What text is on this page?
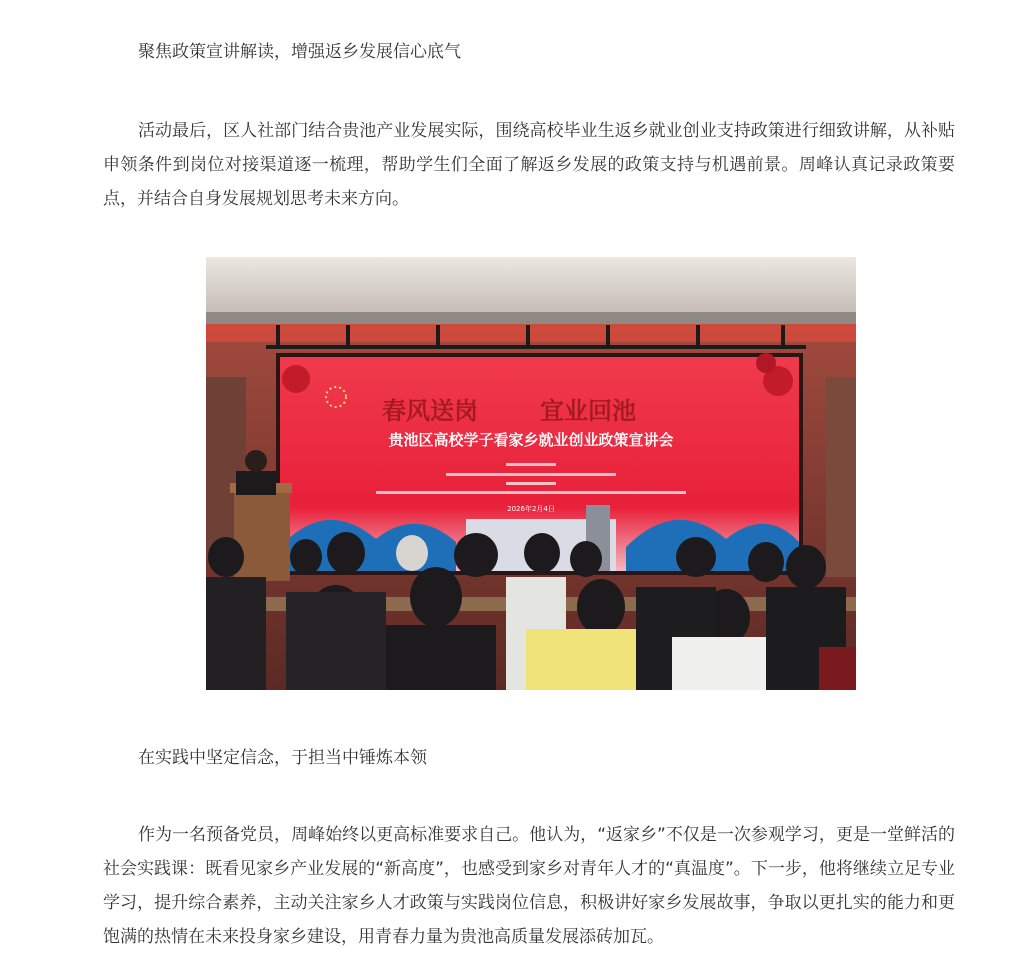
聚焦政策宣讲解读，增强返乡发展信心底气

活动最后，区人社部门结合贵池产业发展实际，围绕高校毕业生返乡就业创业支持政策进行细致讲解，从补贴申领条件到岗位对接渠道逐一梳理，帮助学生们全面了解返乡发展的政策支持与机遇前景。周峰认真记录政策要点，并结合自身发展规划思考未来方向。

春风送岗	宜业回池
贵池区高校学子看家乡就业创业政策宣讲会
2026年2月4日
在实践中坚定信念，于担当中锤炼本领

作为一名预备党员，周峰始终以更高标准要求自己。他认为，“返家乡”不仅是一次参观学习，更是一堂鲜活的社会实践课：既看见家乡产业发展的“新高度”，也感受到家乡对青年人才的“真温度”。下一步，他将继续立足专业学习，提升综合素养，主动关注家乡人才政策与实践岗位信息，积极讲好家乡发展故事，争取以更扎实的能力和更饱满的热情在未来投身家乡建设，用青春力量为贵池高质量发展添砖加瓦。
